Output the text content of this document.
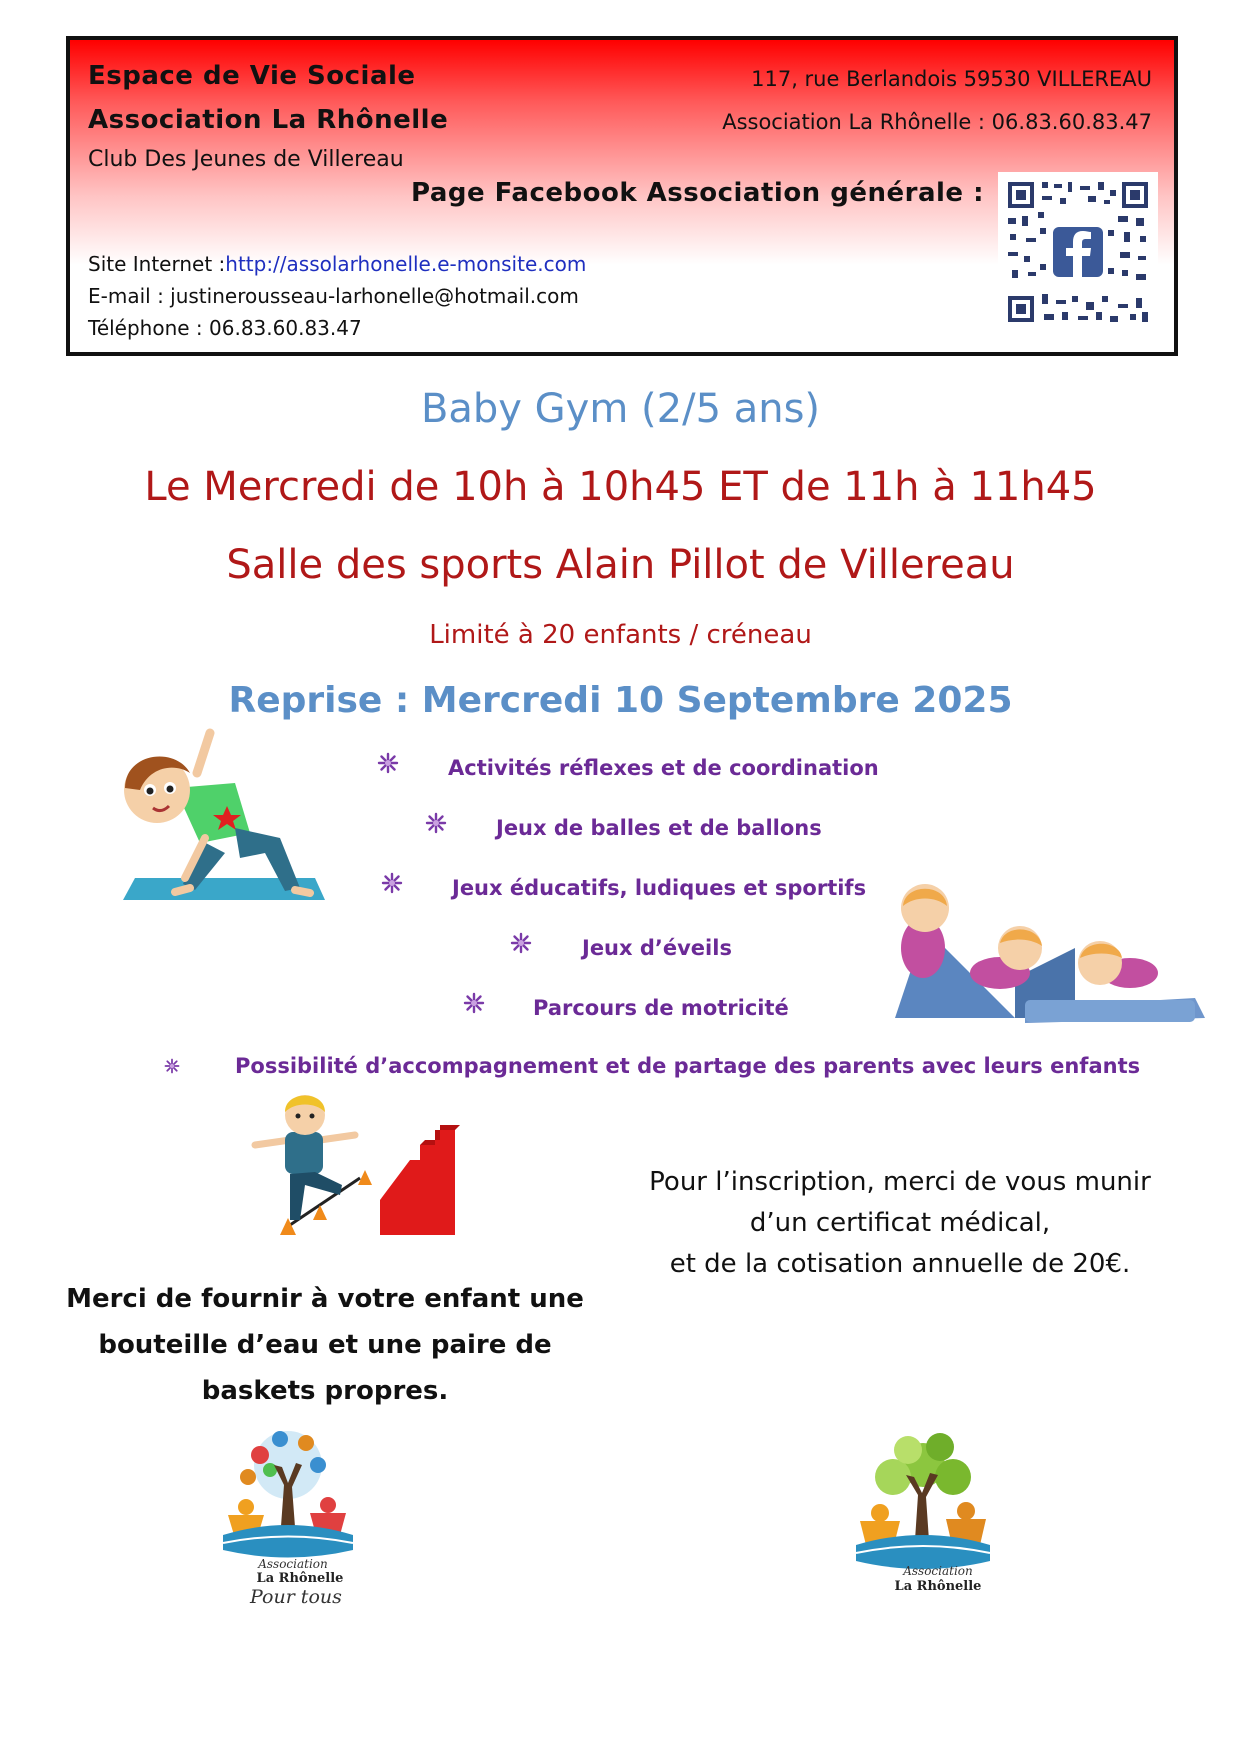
Espace de Vie Sociale
Association La Rhônelle
Club Des Jeunes de Villereau
117, rue Berlandois 59530 VILLEREAU
Association La Rhônelle : 06.83.60.83.47
Page Facebook Association générale :
Site Internet :http://assolarhonelle.e-monsite.com
E-mail : justinerousseau-larhonelle@hotmail.com
Téléphone : 06.83.60.83.47
Baby Gym (2/5 ans)
Le Mercredi de 10h à 10h45 ET de 11h à 11h45
Salle des sports Alain Pillot de Villereau
Limité à 20 enfants / créneau
Reprise : Mercredi 10 Septembre 2025
Activités réflexes et de coordination
Jeux de balles et de ballons
Jeux éducatifs, ludiques et sportifs
Jeux d’éveils
Parcours de motricité
Possibilité d’accompagnement et de partage des parents avec leurs enfants
Pour l’inscription, merci de vous munir
d’un certificat médical,
et de la cotisation annuelle de 20€.
Merci de fournir à votre enfant une
bouteille d’eau et une paire de
baskets propres.
Association
La Rhônelle
Pour tous
Association
La Rhônelle
